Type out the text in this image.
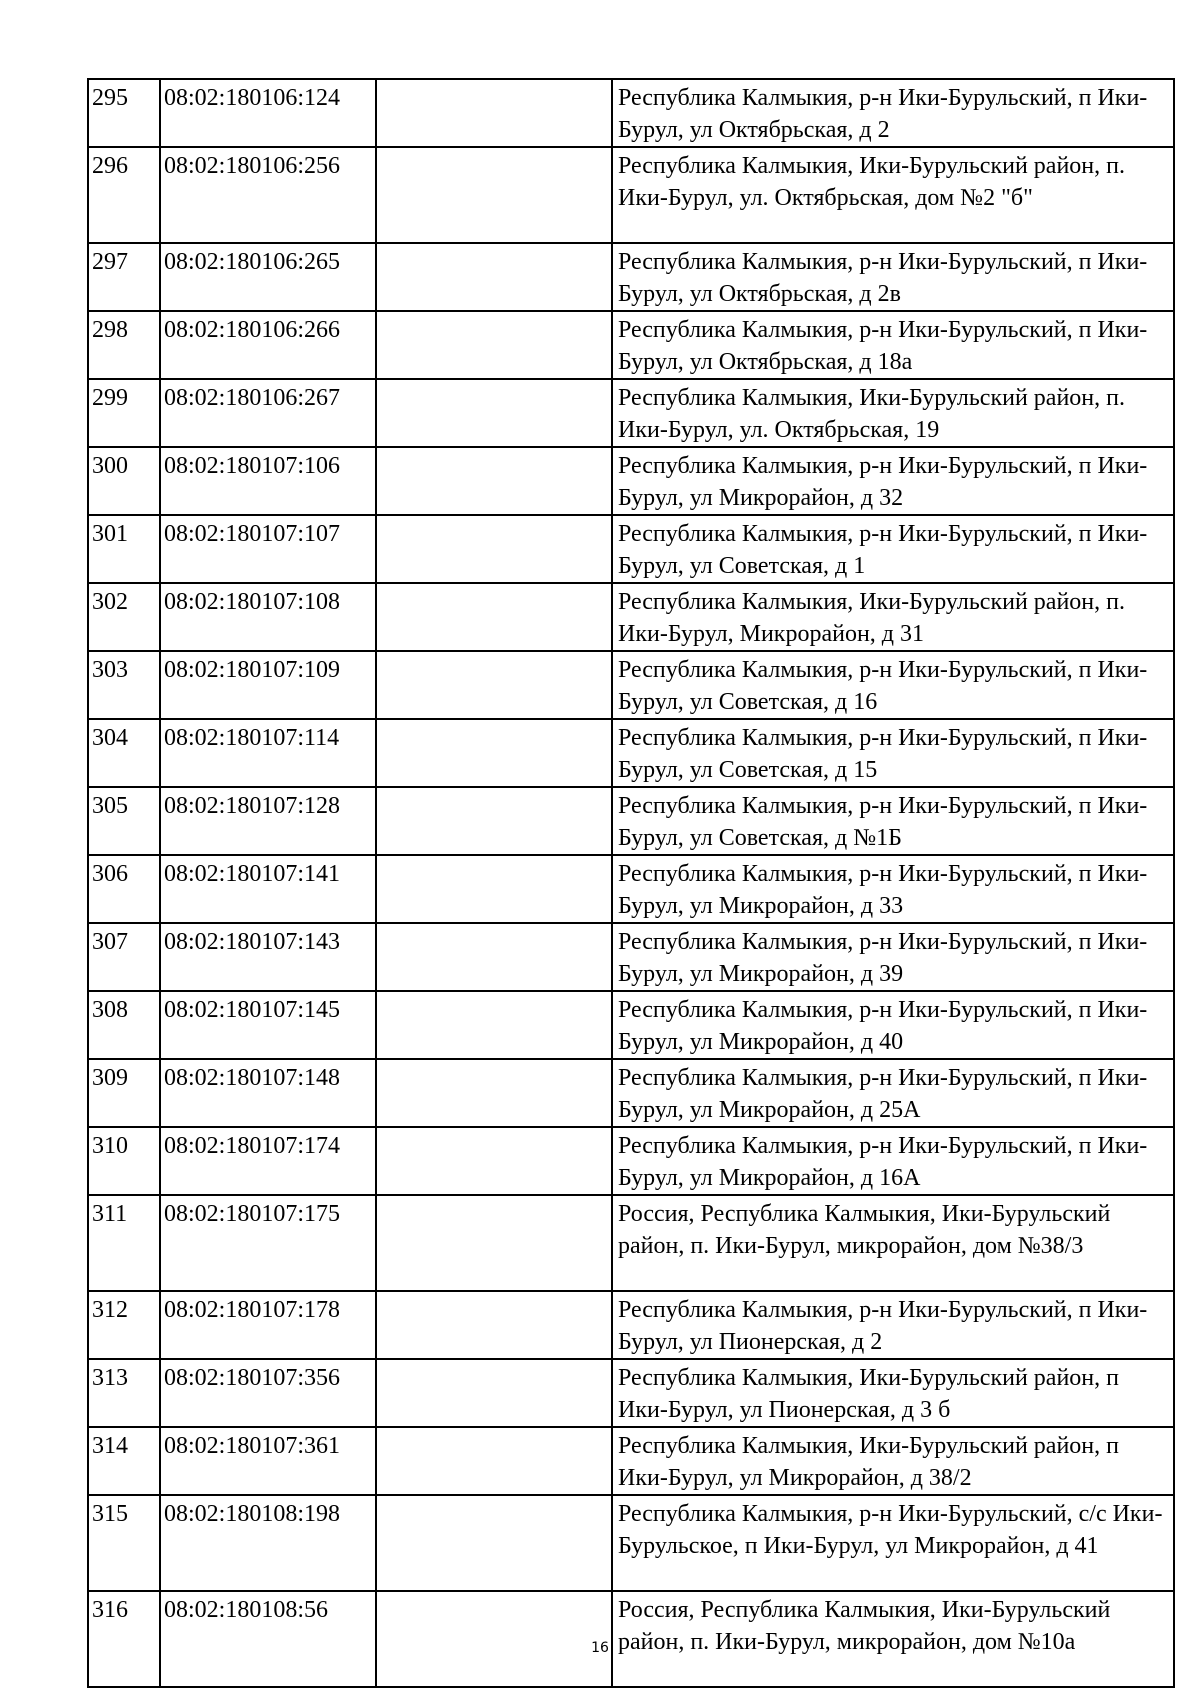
295	08:02:180106:124		Республика Калмыкия, р-н Ики-Бурульский, п Ики-Бурул, ул Октябрьская, д 2
296	08:02:180106:256		Республика Калмыкия, Ики-Бурульский район, п. Ики-Бурул, ул. Октябрьская, дом №2 "б"
297	08:02:180106:265		Республика Калмыкия, р-н Ики-Бурульский, п Ики-Бурул, ул Октябрьская, д 2в
298	08:02:180106:266		Республика Калмыкия, р-н Ики-Бурульский, п Ики-Бурул, ул Октябрьская, д 18а
299	08:02:180106:267		Республика Калмыкия, Ики-Бурульский район, п. Ики-Бурул, ул. Октябрьская, 19
300	08:02:180107:106		Республика Калмыкия, р-н Ики-Бурульский, п Ики-Бурул, ул Микрорайон, д 32
301	08:02:180107:107		Республика Калмыкия, р-н Ики-Бурульский, п Ики-Бурул, ул Советская, д 1
302	08:02:180107:108		Республика Калмыкия, Ики-Бурульский район, п. Ики-Бурул, Микрорайон, д 31
303	08:02:180107:109		Республика Калмыкия, р-н Ики-Бурульский, п Ики-Бурул, ул Советская, д 16
304	08:02:180107:114		Республика Калмыкия, р-н Ики-Бурульский, п Ики-Бурул, ул Советская, д 15
305	08:02:180107:128		Республика Калмыкия, р-н Ики-Бурульский, п Ики-Бурул, ул Советская, д №1Б
306	08:02:180107:141		Республика Калмыкия, р-н Ики-Бурульский, п Ики-Бурул, ул Микрорайон, д 33
307	08:02:180107:143		Республика Калмыкия, р-н Ики-Бурульский, п Ики-Бурул, ул Микрорайон, д 39
308	08:02:180107:145		Республика Калмыкия, р-н Ики-Бурульский, п Ики-Бурул, ул Микрорайон, д 40
309	08:02:180107:148		Республика Калмыкия, р-н Ики-Бурульский, п Ики-Бурул, ул Микрорайон, д 25А
310	08:02:180107:174		Республика Калмыкия, р-н Ики-Бурульский, п Ики-Бурул, ул Микрорайон, д 16А
311	08:02:180107:175		Россия, Республика Калмыкия, Ики-Бурульский район, п. Ики-Бурул, микрорайон, дом №38/3
312	08:02:180107:178		Республика Калмыкия, р-н Ики-Бурульский, п Ики-Бурул, ул Пионерская, д 2
313	08:02:180107:356		Республика Калмыкия, Ики-Бурульский район, п Ики-Бурул, ул Пионерская, д 3 б
314	08:02:180107:361		Республика Калмыкия, Ики-Бурульский район, п Ики-Бурул, ул Микрорайон, д 38/2
315	08:02:180108:198		Республика Калмыкия, р-н Ики-Бурульский, с/с Ики-Бурульское, п Ики-Бурул, ул Микрорайон, д 41
316	08:02:180108:56		Россия, Республика Калмыкия, Ики-Бурульский район, п. Ики-Бурул, микрорайон, дом №10а
16
